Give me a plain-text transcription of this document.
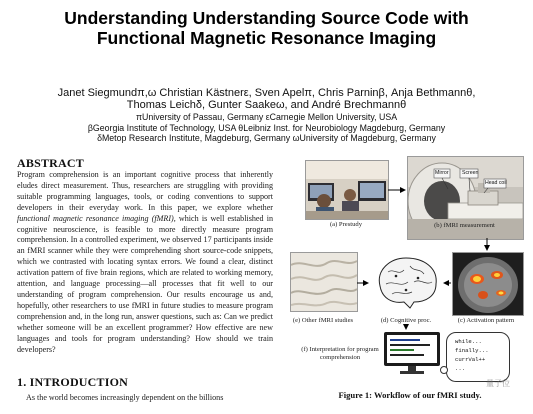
Understanding Understanding Source Code with
Functional Magnetic Resonance Imaging
Janet Siegmundπ,ω Christian Kästnerε, Sven Apelπ, Chris Parninβ, Anja Bethmannθ,
Thomas Leichδ, Gunter Saakeω, and André Brechmannθ
πUniversity of Passau, Germany εCarnegie Mellon University, USA
βGeorgia Institute of Technology, USA θLeibniz Inst. for Neurobiology Magdeburg, Germany
δMetop Research Institute, Magdeburg, Germany ωUniversity of Magdeburg, Germany
ABSTRACT
Program comprehension is an important cognitive process that inherently eludes direct measurement. Thus, researchers are struggling with providing suitable programming languages, tools, or coding conventions to support developers in their everyday work. In this paper, we explore whether functional magnetic resonance imaging (fMRI), which is well established in cognitive neuroscience, is feasible to more directly measure program comprehension. In a controlled experiment, we observed 17 participants inside an fMRI scanner while they were comprehending short source-code snippets, which we contrasted with locating syntax errors. We found a clear, distinct activation pattern of five brain regions, which are related to working memory, attention, and language processing—all processes that fit well to our understanding of program comprehension. Our results encourage us and, hopefully, other researchers to use fMRI in future studies to measure program comprehension and, in the long run, answer questions, such as: Can we predict whether someone will be an excellent programmer? How effective are new languages and tools for program understanding? How should we train developers?
1. INTRODUCTION
As the world becomes increasingly dependent on the billions
(a) Prestudy
Mirror	Screen
Head coil
(b) fMRI measurement
(c) Activation pattern
(d) Cognitive proc.
(e) Other fMRI studies
(f) Interpretation for program comprehension
while...
finally...
currVal++
...
Figure 1: Workflow of our fMRI study.
量子位
